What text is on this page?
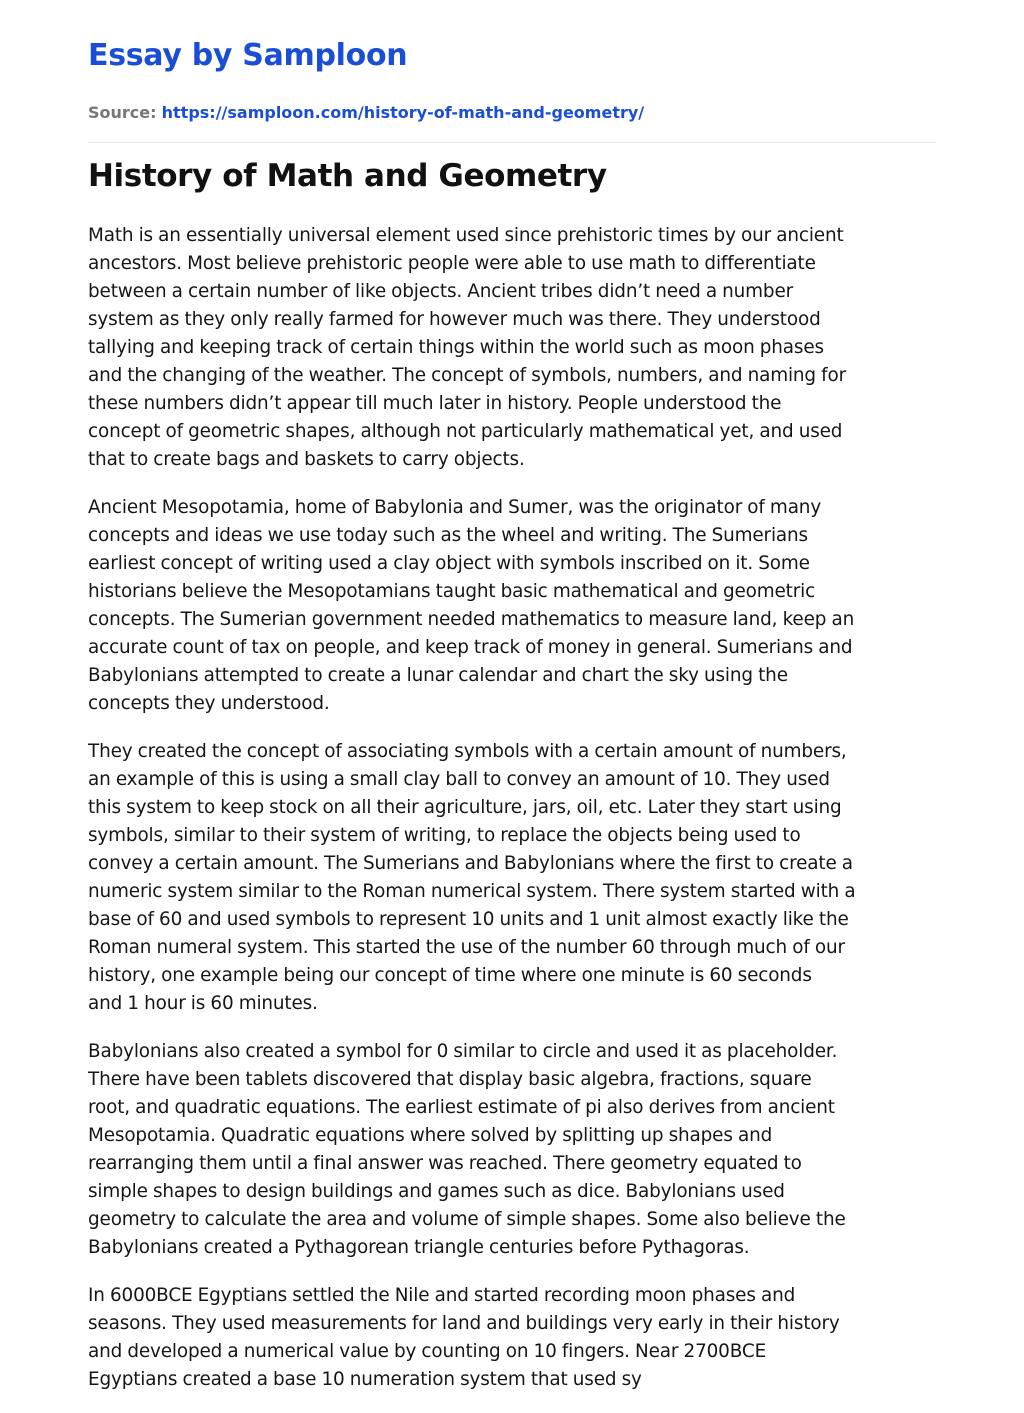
Essay by Samploon
Source: https://samploon.com/history-of-math-and-geometry/
History of Math and Geometry

Math is an essentially universal element used since prehistoric times by our ancient
ancestors. Most believe prehistoric people were able to use math to differentiate
between a certain number of like objects. Ancient tribes didn’t need a number
system as they only really farmed for however much was there. They understood
tallying and keeping track of certain things within the world such as moon phases
and the changing of the weather. The concept of symbols, numbers, and naming for
these numbers didn’t appear till much later in history. People understood the
concept of geometric shapes, although not particularly mathematical yet, and used
that to create bags and baskets to carry objects.

Ancient Mesopotamia, home of Babylonia and Sumer, was the originator of many
concepts and ideas we use today such as the wheel and writing. The Sumerians
earliest concept of writing used a clay object with symbols inscribed on it. Some
historians believe the Mesopotamians taught basic mathematical and geometric
concepts. The Sumerian government needed mathematics to measure land, keep an
accurate count of tax on people, and keep track of money in general. Sumerians and
Babylonians attempted to create a lunar calendar and chart the sky using the
concepts they understood.

They created the concept of associating symbols with a certain amount of numbers,
an example of this is using a small clay ball to convey an amount of 10. They used
this system to keep stock on all their agriculture, jars, oil, etc. Later they start using
symbols, similar to their system of writing, to replace the objects being used to
convey a certain amount. The Sumerians and Babylonians where the first to create a
numeric system similar to the Roman numerical system. There system started with a
base of 60 and used symbols to represent 10 units and 1 unit almost exactly like the
Roman numeral system. This started the use of the number 60 through much of our
history, one example being our concept of time where one minute is 60 seconds
and 1 hour is 60 minutes.

Babylonians also created a symbol for 0 similar to circle and used it as placeholder.
There have been tablets discovered that display basic algebra, fractions, square
root, and quadratic equations. The earliest estimate of pi also derives from ancient
Mesopotamia. Quadratic equations where solved by splitting up shapes and
rearranging them until a final answer was reached. There geometry equated to
simple shapes to design buildings and games such as dice. Babylonians used
geometry to calculate the area and volume of simple shapes. Some also believe the
Babylonians created a Pythagorean triangle centuries before Pythagoras.

In 6000BCE Egyptians settled the Nile and started recording moon phases and
seasons. They used measurements for land and buildings very early in their history
and developed a numerical value by counting on 10 fingers. Near 2700BCE
Egyptians created a base 10 numeration system that used sy
